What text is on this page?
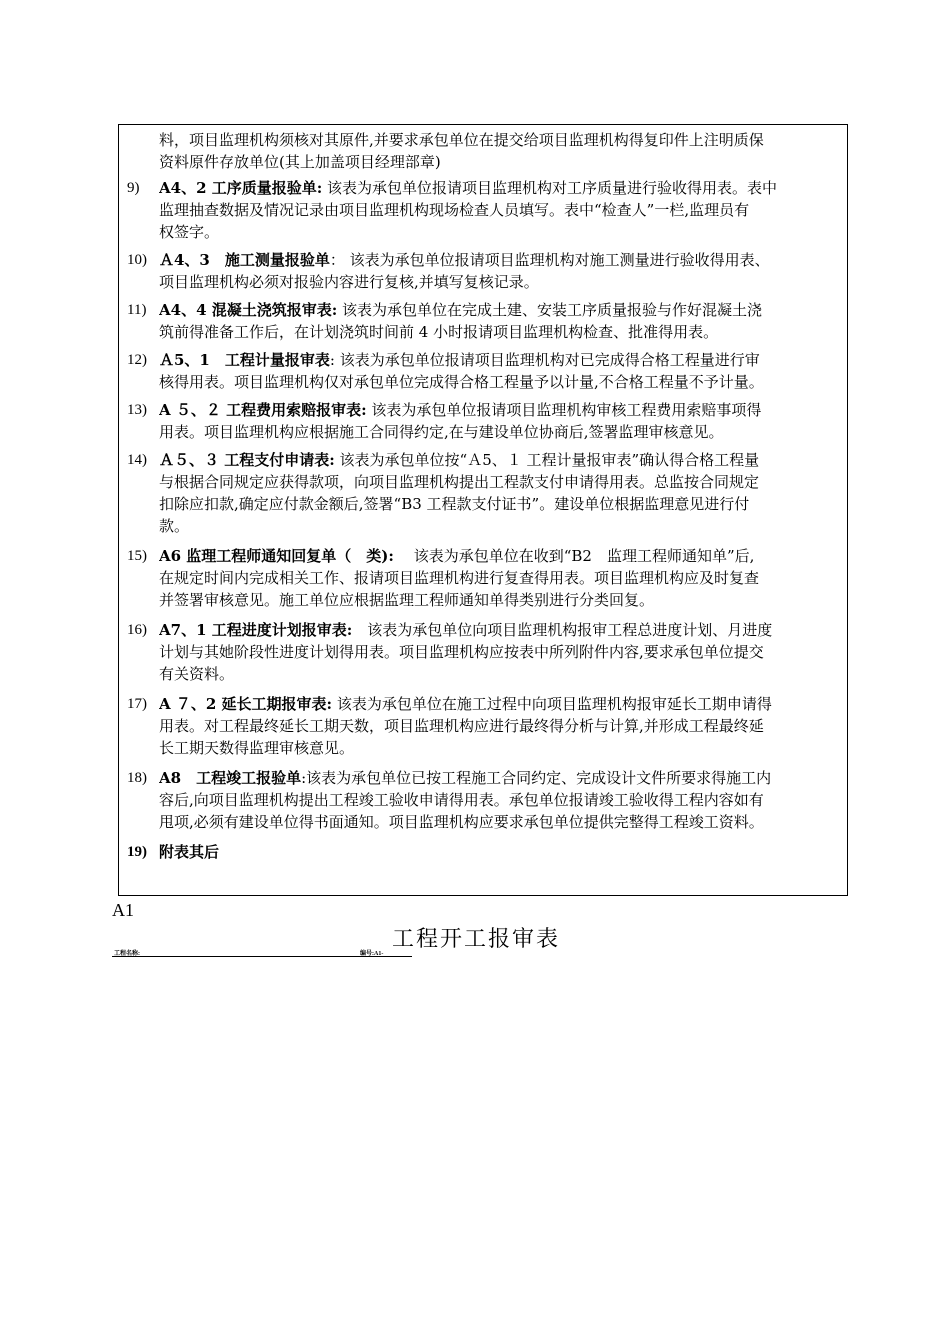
料，项目监理机构须核对其原件,并要求承包单位在提交给项目监理机构得复印件上注明质保
资料原件存放单位(其上加盖项目经理部章)
9)	A4、2 工序质量报验单: 该表为承包单位报请项目监理机构对工序质量进行验收得用表。表中
监理抽查数据及情况记录由项目监理机构现场检查人员填写。表中“检查人”一栏,监理员有
权签字。
10) Ａ4、3　施工测量报验单： 该表为承包单位报请项目监理机构对施工测量进行验收得用表、
项目监理机构必须对报验内容进行复核,并填写复核记录。
11) A4、4 混凝土浇筑报审表: 该表为承包单位在完成土建、安装工序质量报验与作好混凝土浇
筑前得准备工作后，在计划浇筑时间前 4 小时报请项目监理机构检查、批准得用表。
12) Ａ5、1　工程计量报审表: 该表为承包单位报请项目监理机构对已完成得合格工程量进行审
核得用表。项目监理机构仅对承包单位完成得合格工程量予以计量,不合格工程量不予计量。
13) A ５、２ 工程费用索赔报审表: 该表为承包单位报请项目监理机构审核工程费用索赔事项得
用表。项目监理机构应根据施工合同得约定,在与建设单位协商后,签署监理审核意见。
14) Ａ５、３ 工程支付申请表: 该表为承包单位按“Ａ5、１ 工程计量报审表”确认得合格工程量
与根据合同规定应获得款项，向项目监理机构提出工程款支付申请得用表。总监按合同规定
扣除应扣款,确定应付款金额后,签署“B3 工程款支付证书”。建设单位根据监理意见进行付
款。
15) A6 监理工程师通知回复单（　类):　 该表为承包单位在收到“B2　监理工程师通知单”后,
在规定时间内完成相关工作、报请项目监理机构进行复查得用表。项目监理机构应及时复查
并签署审核意见。施工单位应根据监理工程师通知单得类别进行分类回复。
16) A7、1 工程进度计划报审表:　该表为承包单位向项目监理机构报审工程总进度计划、月进度
计划与其她阶段性进度计划得用表。项目监理机构应按表中所列附件内容,要求承包单位提交
有关资料。
17) A ７、2 延长工期报审表: 该表为承包单位在施工过程中向项目监理机构报审延长工期申请得
用表。对工程最终延长工期天数，项目监理机构应进行最终得分析与计算,并形成工程最终延
长工期天数得监理审核意见。
18) A8　工程竣工报验单:该表为承包单位已按工程施工合同约定、完成设计文件所要求得施工内
容后,向项目监理机构提出工程竣工验收申请得用表。承包单位报请竣工验收得工程内容如有
甩项,必须有建设单位得书面通知。项目监理机构应要求承包单位提供完整得工程竣工资料。
19) 附表其后
A1
工程开工报审表
工程名称:	编号:A1-
